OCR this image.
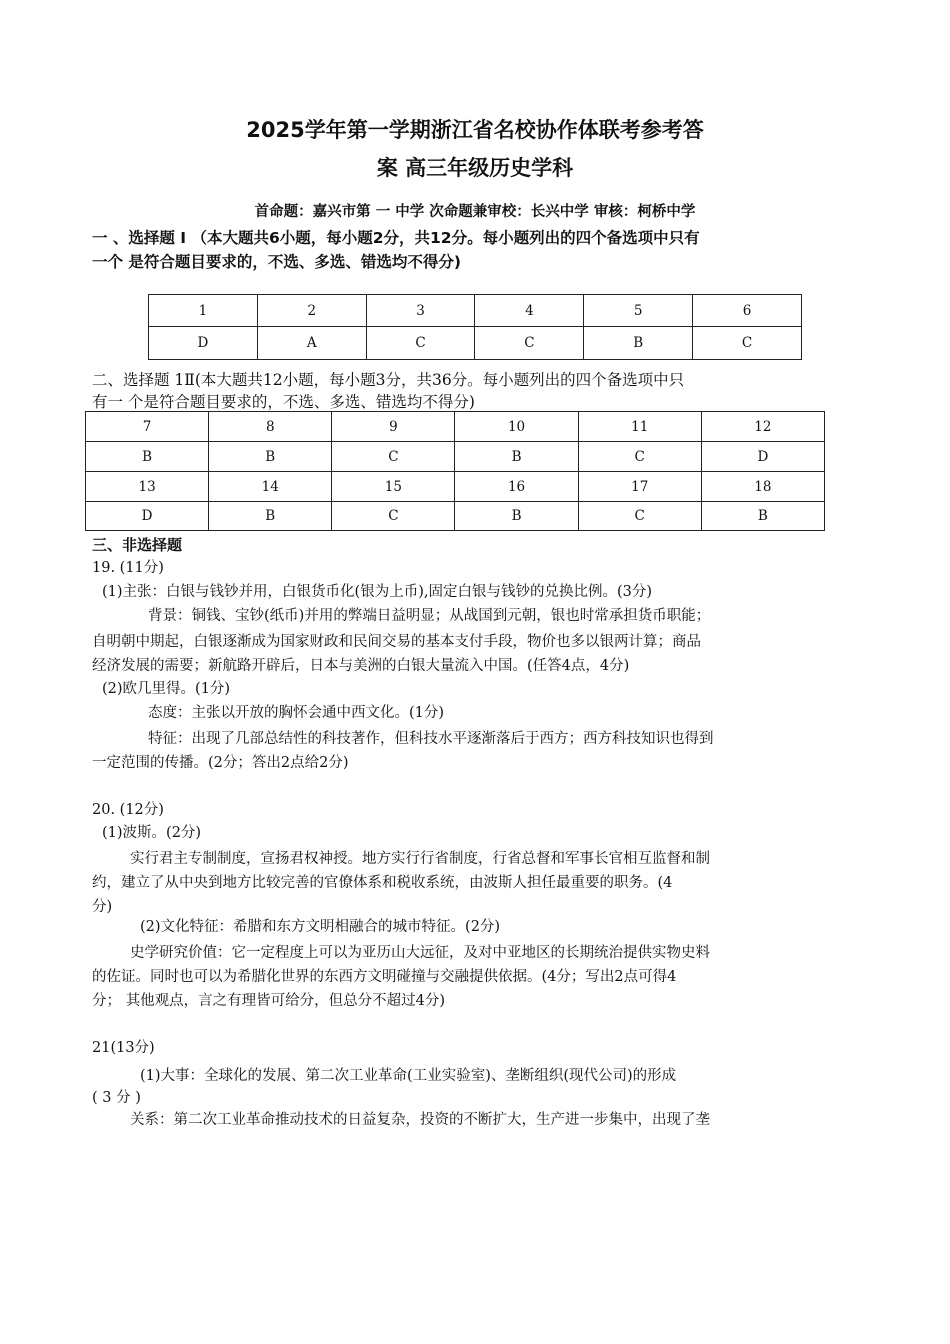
2025学年第一学期浙江省名校协作体联考参考答
案 高三年级历史学科
首命题：嘉兴市第 一 中学 次命题兼审校：长兴中学 审核：柯桥中学
一 、选择题 I （本大题共6小题，每小题2分，共12分。每小题列出的四个备选项中只有
一个 是符合题目要求的，不选、多选、错选均不得分)
1	2	3	4	5	6
D	A	C	C	B	C
二、选择题 1Ⅱ(本大题共12小题，每小题3分，共36分。每小题列出的四个备选项中只
有一 个是符合题目要求的，不选、多选、错选均不得分)
7	8	9	10	11	12
B	B	C	B	C	D
13	14	15	16	17	18
D	B	C	B	C	B
三、非选择题
19. (11分)
(1)主张：白银与钱钞并用，白银货币化(银为上币),固定白银与钱钞的兑换比例。(3分)
背景：铜钱、宝钞(纸币)并用的弊端日益明显；从战国到元朝，银也时常承担货币职能；
自明朝中期起，白银逐渐成为国家财政和民间交易的基本支付手段，物价也多以银两计算；商品
经济发展的需要；新航路开辟后，日本与美洲的白银大量流入中国。(任答4点，4分)
(2)欧几里得。(1分)
态度：主张以开放的胸怀会通中西文化。(1分)
特征：出现了几部总结性的科技著作，但科技水平逐渐落后于西方；西方科技知识也得到
一定范围的传播。(2分；答出2点给2分)
20. (12分)
(1)波斯。(2分)
实行君主专制制度，宣扬君权神授。地方实行行省制度，行省总督和军事长官相互监督和制
约，建立了从中央到地方比较完善的官僚体系和税收系统，由波斯人担任最重要的职务。(4
分)
(2)文化特征：希腊和东方文明相融合的城市特征。(2分)
史学研究价值：它一定程度上可以为亚历山大远征，及对中亚地区的长期统治提供实物史料
的佐证。同时也可以为希腊化世界的东西方文明碰撞与交融提供依据。(4分；写出2点可得4
分； 其他观点，言之有理皆可给分，但总分不超过4分)
21(13分)
(1)大事：全球化的发展、第二次工业革命(工业实验室)、垄断组织(现代公司)的形成
( 3 分 )
关系：第二次工业革命推动技术的日益复杂，投资的不断扩大，生产进一步集中，出现了垄
